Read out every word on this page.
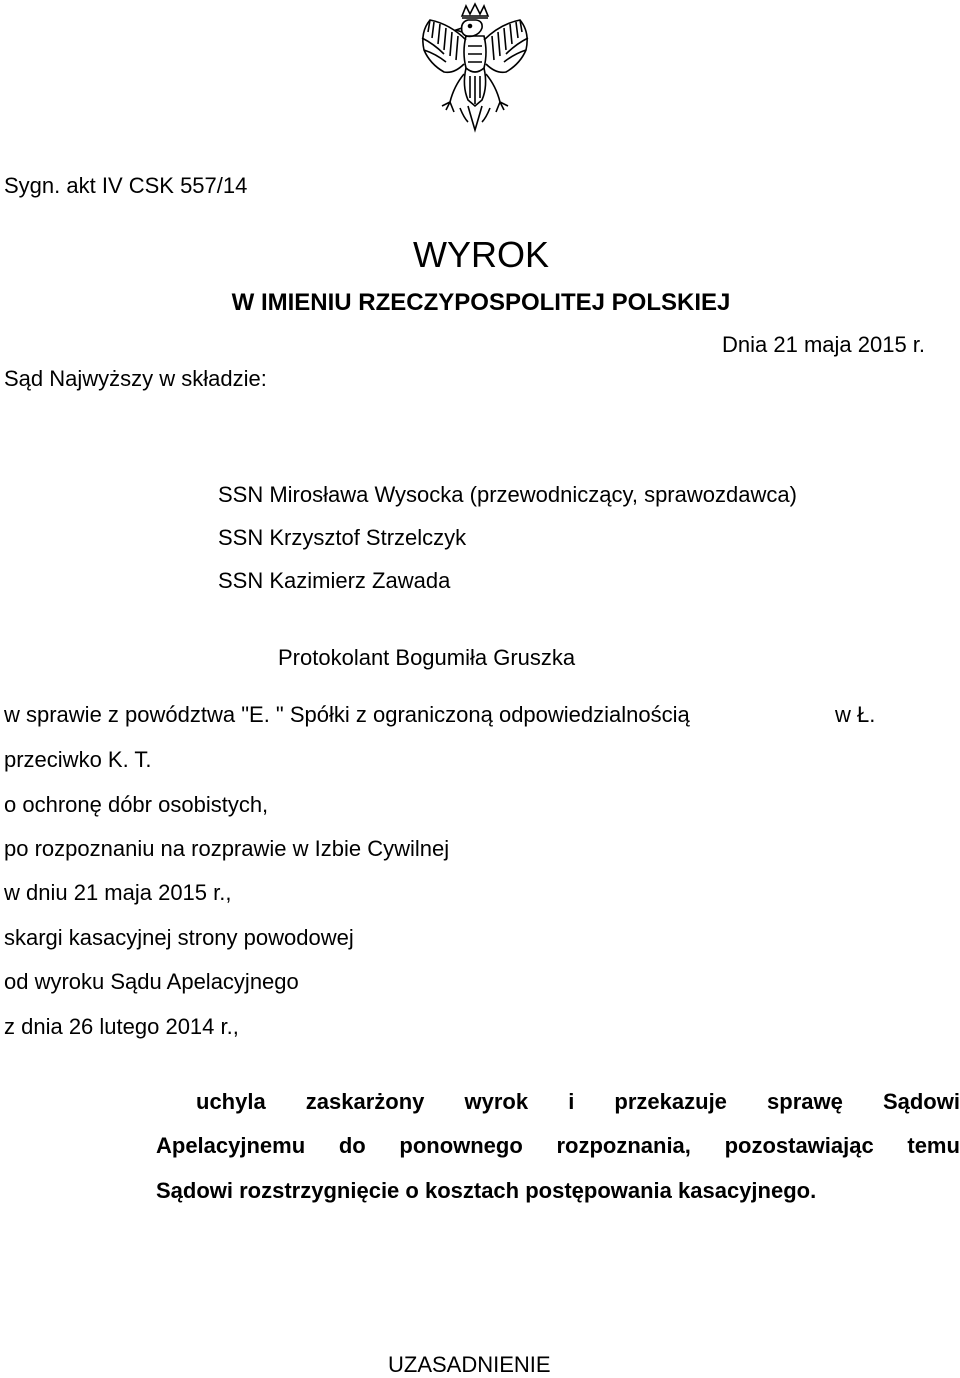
Sygn. akt IV CSK 557/14
WYROK
W IMIENIU RZECZYPOSPOLITEJ POLSKIEJ
Dnia 21 maja 2015 r.
Sąd Najwyższy w składzie:
SSN Mirosława Wysocka (przewodniczący, sprawozdawca)
SSN Krzysztof Strzelczyk
SSN Kazimierz Zawada
Protokolant Bogumiła Gruszka
w sprawie z powództwa "E. " Spółki z ograniczoną odpowiedzialnością	w Ł.
przeciwko K. T.
o ochronę dóbr osobistych,
po rozpoznaniu na rozprawie w Izbie Cywilnej
w dniu 21 maja 2015 r.,
skargi kasacyjnej strony powodowej
od wyroku Sądu Apelacyjnego
z dnia 26 lutego 2014 r.,
uchyla zaskarżony wyrok i przekazuje sprawę Sądowi
Apelacyjnemu do ponownego rozpoznania, pozostawiając temu
Sądowi rozstrzygnięcie o kosztach postępowania kasacyjnego.
UZASADNIENIE
